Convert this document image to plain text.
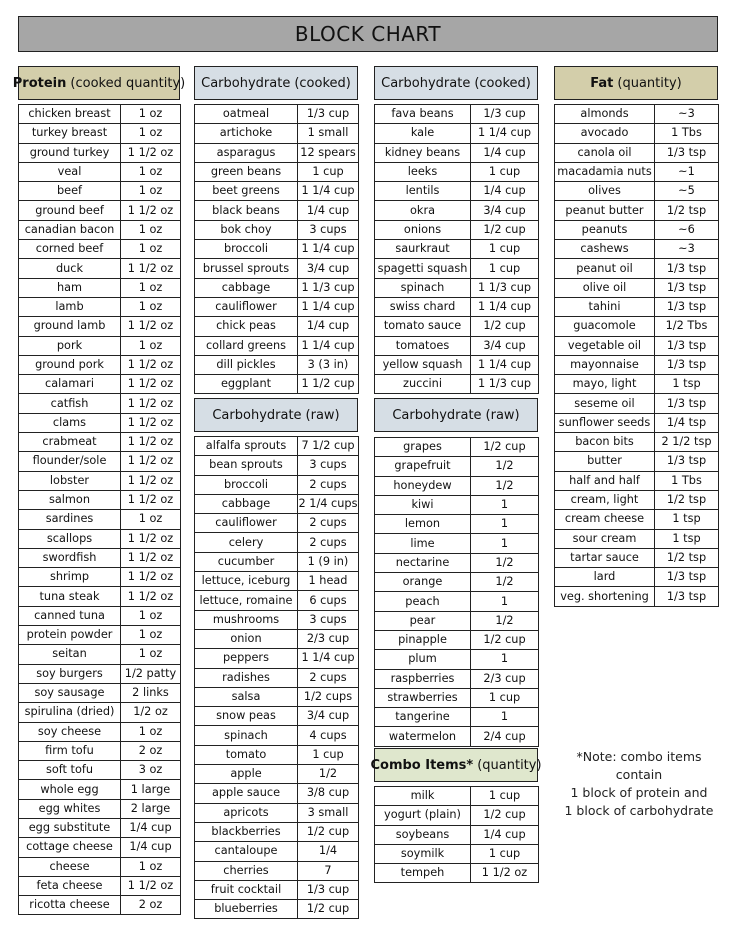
BLOCK CHART
Protein (cooked quantity)
chicken breast	1 oz
turkey breast	1 oz
ground turkey	1 1/2 oz
veal	1 oz
beef	1 oz
ground beef	1 1/2 oz
canadian bacon	1 oz
corned beef	1 oz
duck	1 1/2 oz
ham	1 oz
lamb	1 oz
ground lamb	1 1/2 oz
pork	1 oz
ground pork	1 1/2 oz
calamari	1 1/2 oz
catfish	1 1/2 oz
clams	1 1/2 oz
crabmeat	1 1/2 oz
flounder/sole	1 1/2 oz
lobster	1 1/2 oz
salmon	1 1/2 oz
sardines	1 oz
scallops	1 1/2 oz
swordfish	1 1/2 oz
shrimp	1 1/2 oz
tuna steak	1 1/2 oz
canned tuna	1 oz
protein powder	1 oz
seitan	1 oz
soy burgers	1/2 patty
soy sausage	2 links
spirulina (dried)	1/2 oz
soy cheese	1 oz
firm tofu	2 oz
soft tofu	3 oz
whole egg	1 large
egg whites	2 large
egg substitute	1/4 cup
cottage cheese	1/4 cup
cheese	1 oz
feta cheese	1 1/2 oz
ricotta cheese	2 oz
Carbohydrate (cooked)
oatmeal	1/3 cup
artichoke	1 small
asparagus	12 spears
green beans	1 cup
beet greens	1 1/4 cup
black beans	1/4 cup
bok choy	3 cups
broccoli	1 1/4 cup
brussel sprouts	3/4 cup
cabbage	1 1/3 cup
cauliflower	1 1/4 cup
chick peas	1/4 cup
collard greens	1 1/4 cup
dill pickles	3 (3 in)
eggplant	1 1/2 cup
Carbohydrate (raw)
alfalfa sprouts	7 1/2 cup
bean sprouts	3 cups
broccoli	2 cups
cabbage	2 1/4 cups
cauliflower	2 cups
celery	2 cups
cucumber	1 (9 in)
lettuce, iceburg	1 head
lettuce, romaine	6 cups
mushrooms	3 cups
onion	2/3 cup
peppers	1 1/4 cup
radishes	2 cups
salsa	1/2 cups
snow peas	3/4 cup
spinach	4 cups
tomato	1 cup
apple	1/2
apple sauce	3/8 cup
apricots	3 small
blackberries	1/2 cup
cantaloupe	1/4
cherries	7
fruit cocktail	1/3 cup
blueberries	1/2 cup
Carbohydrate (cooked)
fava beans	1/3 cup
kale	1 1/4 cup
kidney beans	1/4 cup
leeks	1 cup
lentils	1/4 cup
okra	3/4 cup
onions	1/2 cup
saurkraut	1 cup
spagetti squash	1 cup
spinach	1 1/3 cup
swiss chard	1 1/4 cup
tomato sauce	1/2 cup
tomatoes	3/4 cup
yellow squash	1 1/4 cup
zuccini	1 1/3 cup
Carbohydrate (raw)
grapes	1/2 cup
grapefruit	1/2
honeydew	1/2
kiwi	1
lemon	1
lime	1
nectarine	1/2
orange	1/2
peach	1
pear	1/2
pinapple	1/2 cup
plum	1
raspberries	2/3 cup
strawberries	1 cup
tangerine	1
watermelon	2/4 cup
Combo Items* (quantity)
milk	1 cup
yogurt (plain)	1/2 cup
soybeans	1/4 cup
soymilk	1 cup
tempeh	1 1/2 oz
Fat (quantity)
almonds	~3
avocado	1 Tbs
canola oil	1/3 tsp
macadamia nuts	~1
olives	~5
peanut butter	1/2 tsp
peanuts	~6
cashews	~3
peanut oil	1/3 tsp
olive oil	1/3 tsp
tahini	1/3 tsp
guacomole	1/2 Tbs
vegetable oil	1/3 tsp
mayonnaise	1/3 tsp
mayo, light	1 tsp
seseme oil	1/3 tsp
sunflower seeds	1/4 tsp
bacon bits	2 1/2 tsp
butter	1/3 tsp
half and half	1 Tbs
cream, light	1/2 tsp
cream cheese	1 tsp
sour cream	1 tsp
tartar sauce	1/2 tsp
lard	1/3 tsp
veg. shortening	1/3 tsp
*Note: combo items contain
1 block of protein and
1 block of carbohydrate
